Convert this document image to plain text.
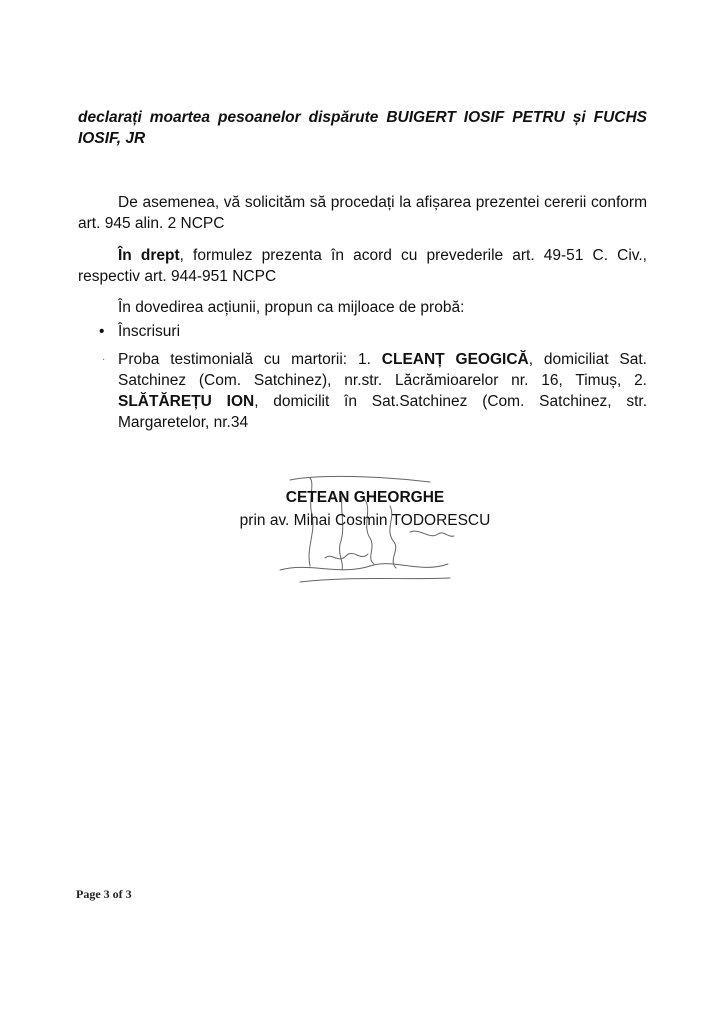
declarați moartea pesoanelor dispărute BUIGERT IOSIF PETRU și FUCHS IOSIF, JR
De asemenea, vă solicităm să procedați la afișarea prezentei cererii conform art. 945 alin. 2 NCPC
În drept, formulez prezenta în acord cu prevederile art. 49-51 C. Civ., respectiv art. 944-951 NCPC
În dovedirea acțiunii, propun ca mijloace de probă:
• Înscrisuri
· Proba testimonială cu martorii: 1. CLEANȚ GEOGICĂ, domiciliat Sat. Satchinez (Com. Satchinez), nr.str. Lăcrămioarelor nr. 16, Timuș, 2. SLĂTĂREȚU ION, domicilit în Sat.Satchinez (Com. Satchinez, str. Margaretelor, nr.34
CETEAN GHEORGHE
prin av. Mihai Cosmin TODORESCU
Page 3 of 3
